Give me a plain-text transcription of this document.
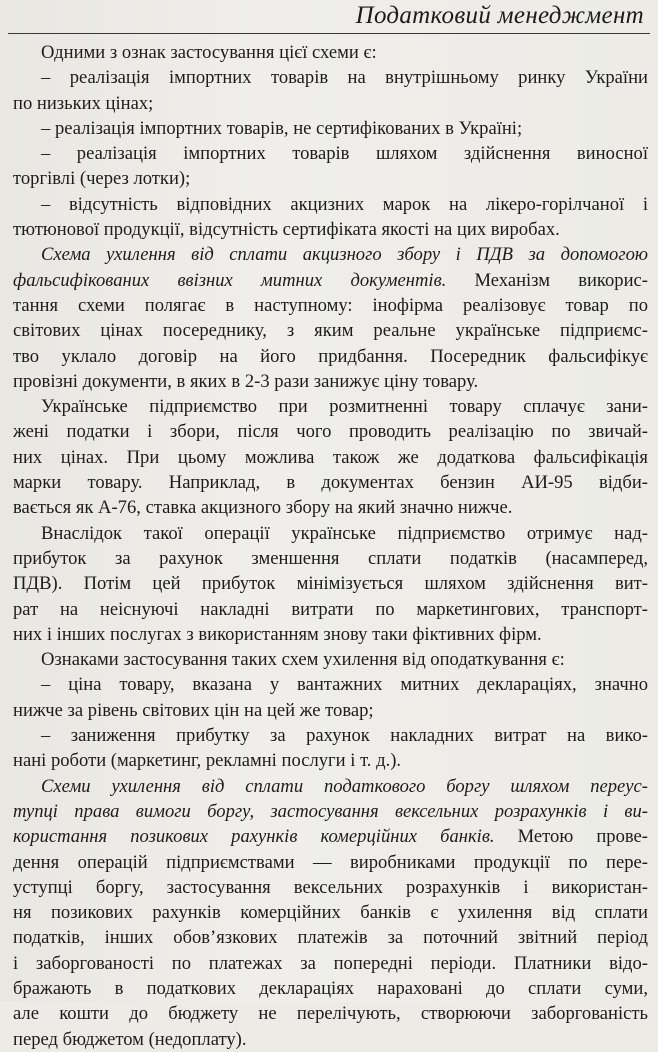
Податковий менеджмент
Одними з ознак застосування цієї схеми є:
– реалізація імпортних товарів на внутрішньому ринку України
по низьких цінах;
– реалізація імпортних товарів, не сертифікованих в Україні;
– реалізація імпортних товарів шляхом здійснення виносної
торгівлі (через лотки);
– відсутність відповідних акцизних марок на лікеро-горілчаної і
тютюнової продукції, відсутність сертифіката якості на цих виробах.
Схема ухилення від сплати акцизного збору і ПДВ за допомогою
фальсифікованих ввізних митних документів. Механізм викорис-
тання схеми полягає в наступному: інофірма реалізовує товар по
світових цінах посереднику, з яким реальне українське підприємс-
тво уклало договір на його придбання. Посередник фальсифікує
провізні документи, в яких в 2-3 рази занижує ціну товару.
Українське підприємство при розмитненні товару сплачує зани-
жені податки і збори, після чого проводить реалізацію по звичай-
них цінах. При цьому можлива також же додаткова фальсифікація
марки товару. Наприклад, в документах бензин АИ-95 відби-
вається як А-76, ставка акцизного збору на який значно нижче.
Внаслідок такої операції українське підприємство отримує над-
прибуток за рахунок зменшення сплати податків (насамперед,
ПДВ). Потім цей прибуток мінімізується шляхом здійснення вит-
рат на неіснуючі накладні витрати по маркетингових, транспорт-
них і інших послугах з використанням знову таки фіктивних фірм.
Ознаками застосування таких схем ухилення від оподаткування є:
– ціна товару, вказана у вантажних митних деклараціях, значно
нижче за рівень світових цін на цей же товар;
– заниження прибутку за рахунок накладних витрат на вико-
нані роботи (маркетинг, рекламні послуги і т. д.).
Схеми ухилення від сплати податкового боргу шляхом переус-
тупці права вимоги боргу, застосування вексельних розрахунків і ви-
користання позикових рахунків комерційних банків. Метою прове-
дення операцій підприємствами — виробниками продукції по пере-
уступці боргу, застосування вексельних розрахунків і використан-
ня позикових рахунків комерційних банків є ухилення від сплати
податків, інших обов’язкових платежів за поточний звітний період
і заборгованості по платежах за попередні періоди. Платники відо-
бражають в податкових деклараціях нараховані до сплати суми,
але кошти до бюджету не перелічують, створюючи заборгованість
перед бюджетом (недоплату).
